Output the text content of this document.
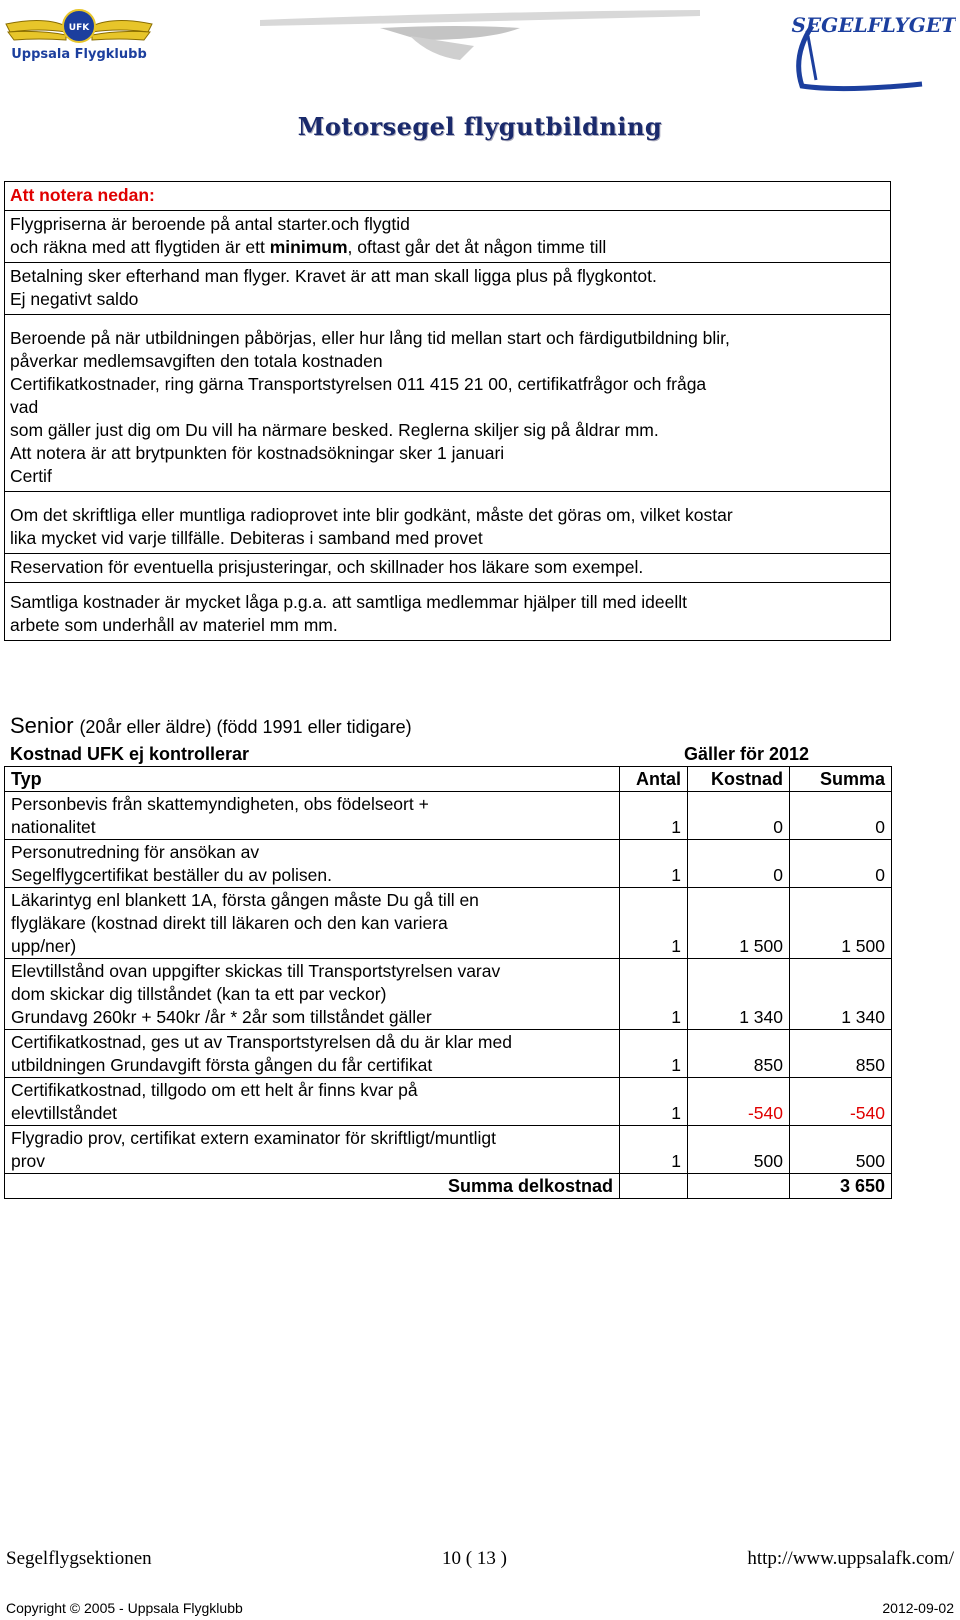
UFK
Uppsala Flygklubb
SEGELFLYGET
Motorsegel flygutbildning
Att notera nedan:
Flygpriserna är beroende på antal starter.och flygtid
och räkna med att flygtiden är ett minimum, oftast går det åt någon timme till
Betalning sker efterhand man flyger. Kravet är att man skall ligga plus på flygkontot.
Ej negativt saldo
Beroende på när utbildningen påbörjas, eller hur lång tid mellan start och färdigutbildning blir,
påverkar medlemsavgiften den totala kostnaden
Certifikatkostnader, ring gärna Transportstyrelsen 011 415 21 00, certifikatfrågor och fråga
vad
som gäller just dig om Du vill ha närmare besked. Reglerna skiljer sig på åldrar mm.
Att notera är att brytpunkten för kostnadsökningar sker 1 januari
Certif
Om det skriftliga eller muntliga radioprovet inte blir godkänt, måste det göras om, vilket kostar
lika mycket vid varje tillfälle. Debiteras i samband med provet
Reservation för eventuella prisjusteringar, och skillnader hos läkare som exempel.
Samtliga kostnader är mycket låga p.g.a. att samtliga medlemmar hjälper till med ideellt
arbete som underhåll av materiel mm mm.
Senior (20år eller äldre) (född 1991 eller tidigare)
Kostnad UFK ej kontrollerar	Gäller för 2012
Typ	Antal	Kostnad	Summa
Personbevis från skattemyndigheten, obs födelseort +
nationalitet	1	0	0
Personutredning för ansökan av
Segelflygcertifikat beställer du av polisen.	1	0	0
Läkarintyg enl blankett 1A, första gången måste Du gå till en
flygläkare (kostnad direkt till läkaren och den kan variera
upp/ner)	1	1 500	1 500
Elevtillstånd ovan uppgifter skickas till Transportstyrelsen varav
dom skickar dig tillståndet (kan ta ett par veckor)
Grundavg 260kr + 540kr /år * 2år som tillståndet gäller	1	1 340	1 340
Certifikatkostnad, ges ut av Transportstyrelsen då du är klar med
utbildningen Grundavgift första gången du får certifikat	1	850	850
Certifikatkostnad, tillgodo om ett helt år finns kvar på
elevtillståndet	1	-540	-540
Flygradio prov, certifikat extern examinator för skriftligt/muntligt
prov	1	500	500
Summa delkostnad			3 650
Segelflygsektionen	10 ( 13 )	http://www.uppsalafk.com/
Copyright © 2005 - Uppsala Flygklubb	2012-09-02
